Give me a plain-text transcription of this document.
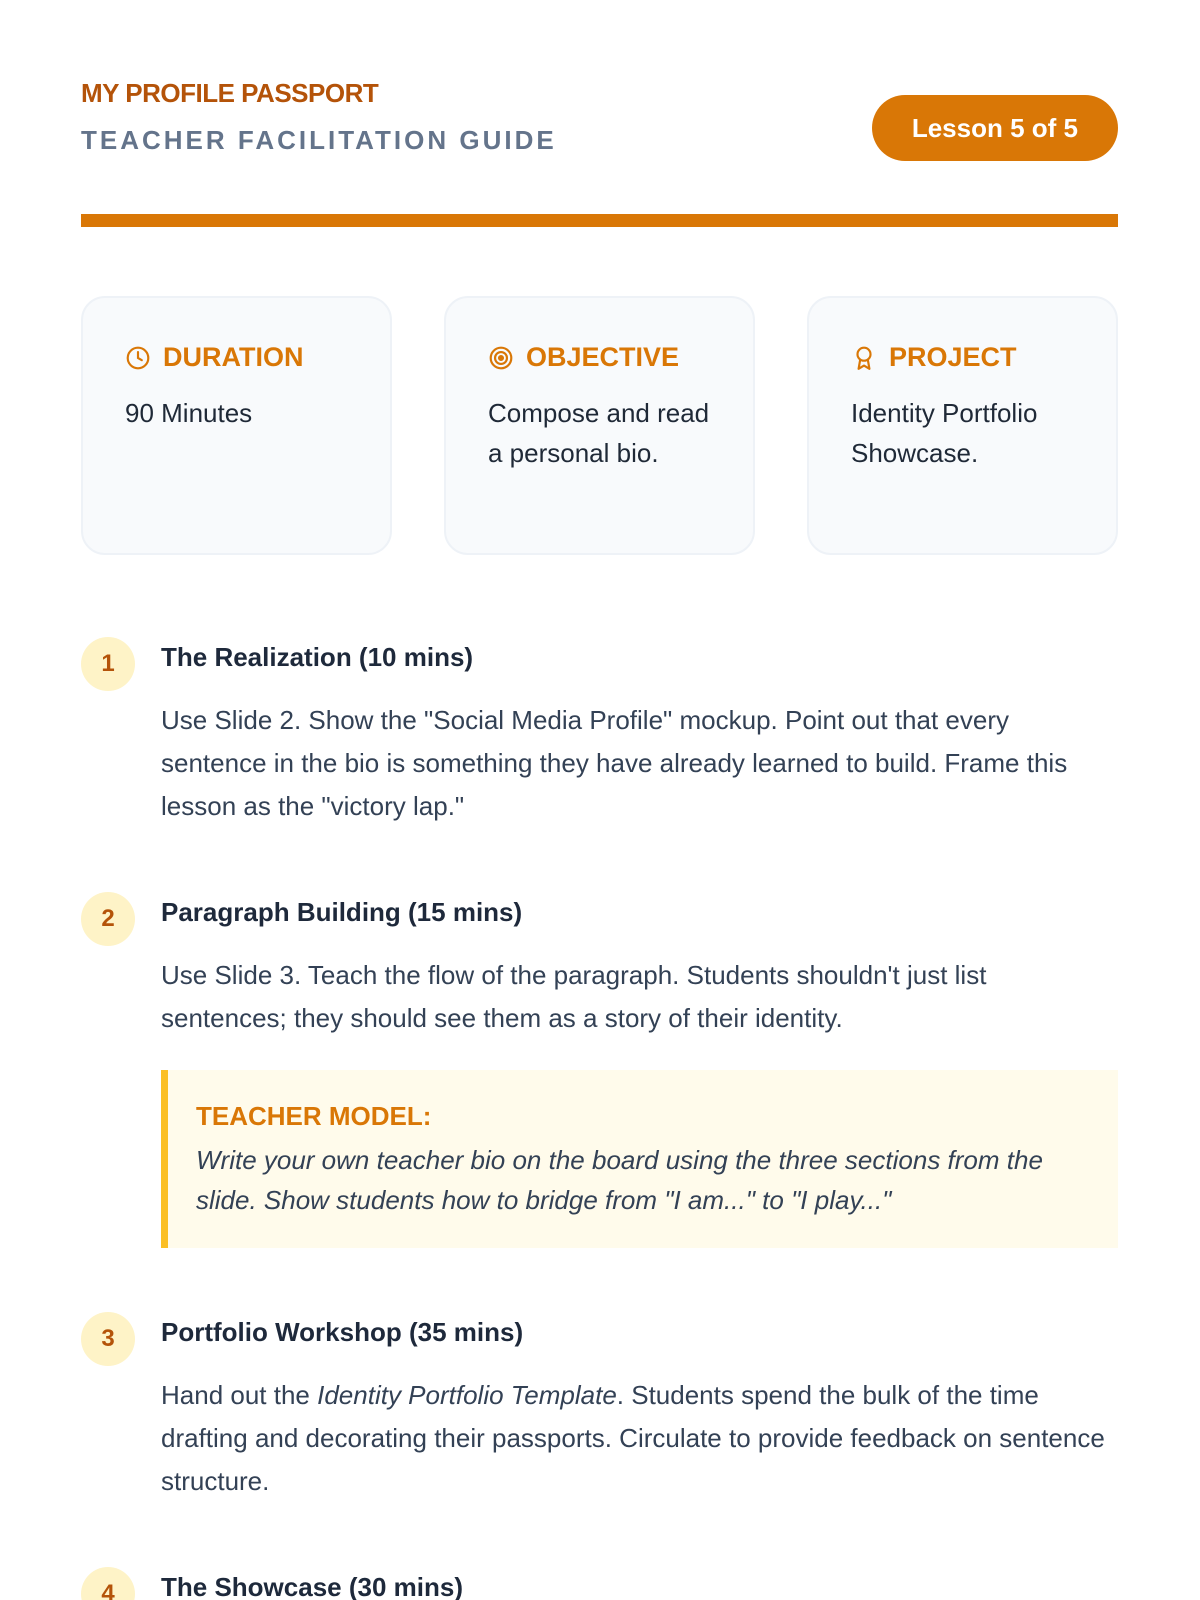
MY PROFILE PASSPORT
TEACHER FACILITATION GUIDE	Lesson 5 of 5
DURATION
90 Minutes
OBJECTIVE
Compose and read a personal bio.
PROJECT
Identity Portfolio Showcase.
1	The Realization (10 mins)

Use Slide 2. Show the "Social Media Profile" mockup. Point out that every sentence in the bio is something they have already learned to build. Frame this lesson as the "victory lap."

2	Paragraph Building (15 mins)

Use Slide 3. Teach the flow of the paragraph. Students shouldn't just list sentences; they should see them as a story of their identity.

TEACHER MODEL:
Write your own teacher bio on the board using the three sections from the slide. Show students how to bridge from "I am..." to "I play..."
3	Portfolio Workshop (35 mins)

Hand out the Identity Portfolio Template. Students spend the bulk of the time drafting and decorating their passports. Circulate to provide feedback on sentence structure.

4	The Showcase (30 mins)
